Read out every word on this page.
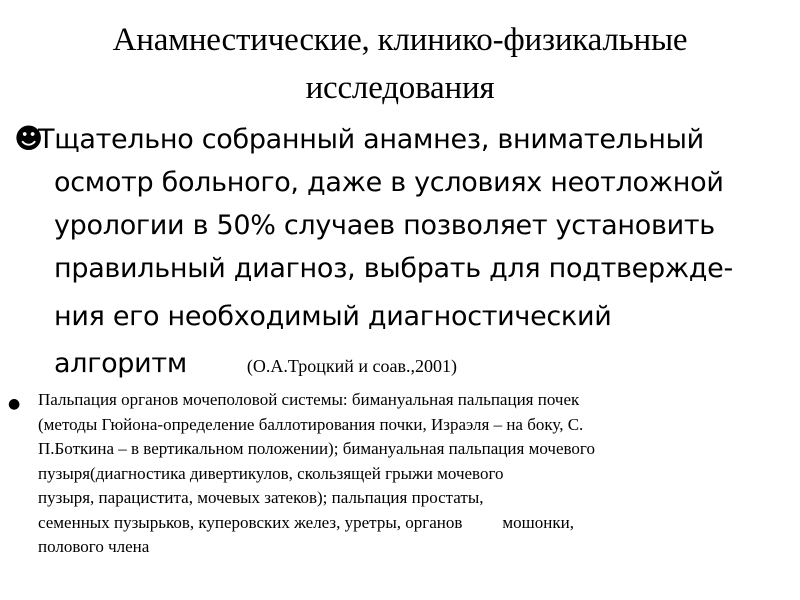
Анамнестические, клинико-физикальные
исследования
☻
Тщательно собранный анамнез, внимательный
осмотр больного, даже в условиях неотложной
урологии в 50% случаев позволяет установить
правильный диагноз, выбрать для подтвержде-
ния его необходимый диагностический
алгоритм	(О.А.Троцкий и соав.,2001)
● Пальпация органов мочеполовой системы: бимануальная пальпация почек
(методы Гюйона-определение баллотирования почки, Израэля – на боку, С.
П.Боткина – в вертикальном положении); бимануальная пальпация мочевого
пузыря(диагностика дивертикулов, скользящей грыжи мочевого
пузыря, парацистита, мочевых затеков); пальпация простаты,
семенных пузырьков, куперовских желез, уретры, органов мошонки,
полового члена
